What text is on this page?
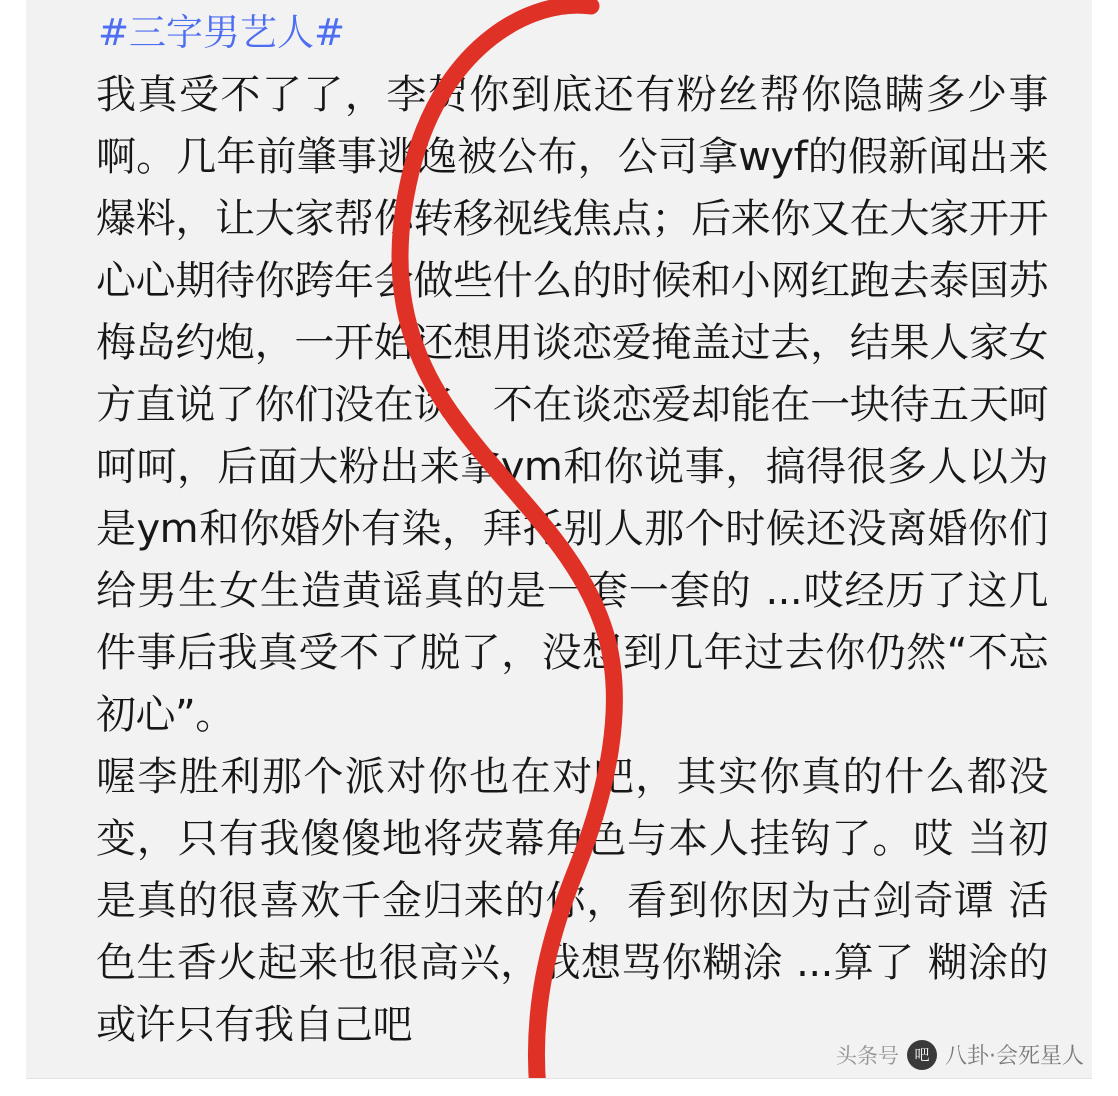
#三字男艺人#

我真受不了了，李贺你到底还有粉丝帮你隐瞒多少事啊。几年前肇事逃逸被公布，公司拿wyf的假新闻出来爆料，让大家帮你转移视线焦点；后来你又在大家开开心心期待你跨年会做些什么的时候和小网红跑去泰国苏梅岛约炮，一开始还想用谈恋爱掩盖过去，结果人家女方直说了你们没在谈，不在谈恋爱却能在一块待五天呵呵呵，后面大粉出来拿ym和你说事，搞得很多人以为是ym和你婚外有染，拜托别人那个时候还没离婚你们给男生女生造黄谣真的是一套一套的 ...哎经历了这几件事后我真受不了脱了，没想到几年过去你仍然“不忘初心”。

喔李胜利那个派对你也在对吧，其实你真的什么都没变，只有我傻傻地将荧幕角色与本人挂钩了。哎 当初是真的很喜欢千金归来的你，看到你因为古剑奇谭 活色生香火起来也很高兴，我想骂你糊涂 ...算了 糊涂的或许只有我自己吧

头条号	吧 八卦·会死星人
